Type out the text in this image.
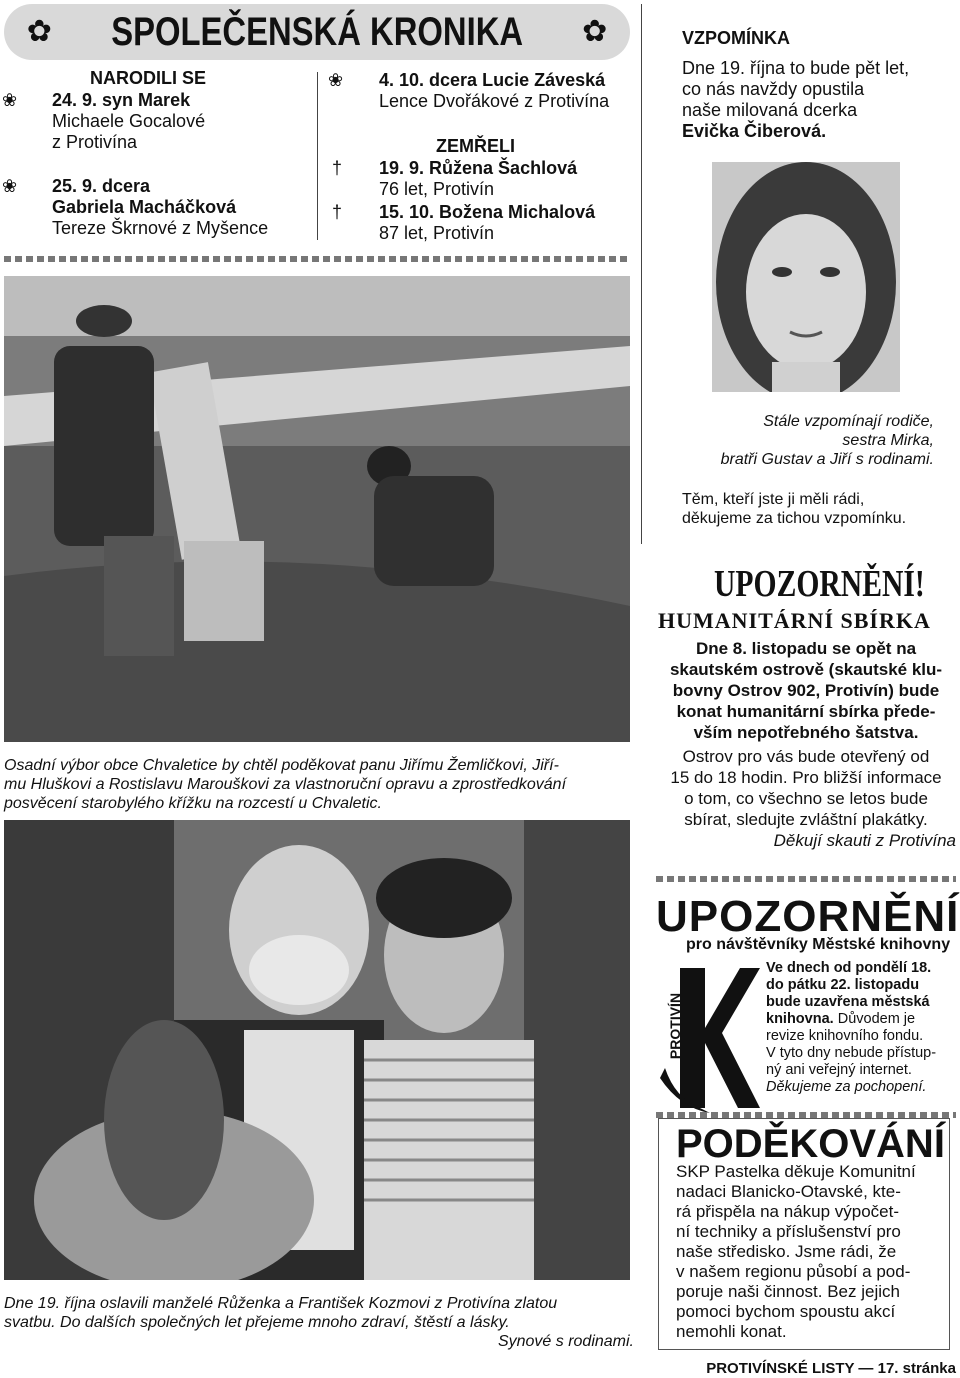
✿ SPOLEČENSKÁ KRONIKA ✿
NARODILI SE
❀ 24. 9. syn Marek
Michaele Gocalové
z Protivína
❀ 25. 9. dcera
Gabriela Macháčková
Tereze Škrnové z Myšence
❀ 4. 10. dcera Lucie Záveská
Lence Dvořákové z Protivína
ZEMŘELI
† 19. 9. Růžena Šachlová
76 let, Protivín
† 15. 10. Božena Michalová
87 let, Protivín
Osadní výbor obce Chvaletice by chtěl poděkovat panu Jiřímu Žemličkovi, Jiří-
mu Hluškovi a Rostislavu Marouškovi za vlastnoruční opravu a zprostředkování
posvěcení starobylého křížku na rozcestí u Chvaletic.
Dne 19. října oslavili manželé Růženka a František Kozmovi z Protivína zlatou
svatbu. Do dalších společných let přejeme mnoho zdraví, štěstí a lásky.
Synové s rodinami.
VZPOMÍNKA
Dne 19. října to bude pět let,
co nás navždy opustila
naše milovaná dcerka
Evička Čiberová.
Stále vzpomínají rodiče,
sestra Mirka,
bratři Gustav a Jiří s rodinami.
Těm, kteří jste ji měli rádi,
děkujeme za tichou vzpomínku.
UPOZORNĚNÍ!
HUMANITÁRNÍ SBÍRKA
Dne 8. listopadu se opět na
skautském ostrově (skautské klu-
bovny Ostrov 902, Protivín) bude
konat humanitární sbírka přede-
vším nepotřebného šatstva.
Ostrov pro vás bude otevřený od
15 do 18 hodin. Pro bližší informace
o tom, co všechno se letos bude
sbírat, sledujte zvláštní plakátky.
Děkují skauti z Protivína
UPOZORNĚNÍ
pro návštěvníky Městské knihovny
PROTIVÍN
Ve dnech od pondělí 18.
do pátku 22. listopadu
bude uzavřena městská
knihovna. Důvodem je
revize knihovního fondu.
V tyto dny nebude přístup-
ný ani veřejný internet.
Děkujeme za pochopení.
PODĚKOVÁNÍ
SKP Pastelka děkuje Komunitní
nadaci Blanicko-Otavské, kte-
rá přispěla na nákup výpočet-
ní techniky a příslušenství pro
naše středisko. Jsme rádi, že
v našem regionu působí a pod-
poruje naši činnost. Bez jejich
pomoci bychom spoustu akcí
nemohli konat.
PROTIVÍNSKÉ LISTY — 17. stránka
